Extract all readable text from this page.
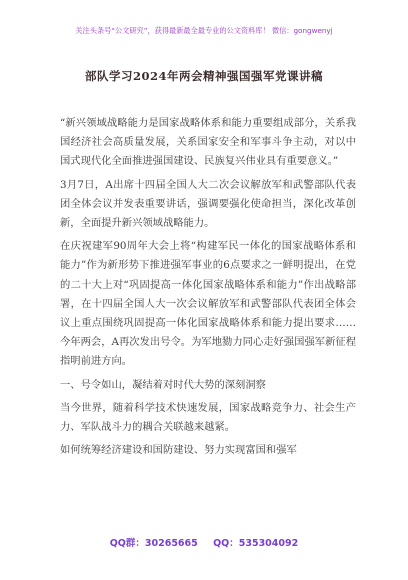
关注头条号“公文研究”，获得最新最全最专业的公文资料库！ 微信：gongwenyj
部队学习2024年两会精神强国强军党课讲稿

“新兴领域战略能力是国家战略体系和能力重要组成部分，关系我国经济社会高质量发展，关系国家安全和军事斗争主动，对以中国式现代化全面推进强国建设、民族复兴伟业具有重要意义。”

3月7日，A出席十四届全国人大二次会议解放军和武警部队代表团全体会议并发表重要讲话，强调要强化使命担当，深化改革创新，全面提升新兴领域战略能力。

在庆祝建军90周年大会上将“构建军民一体化的国家战略体系和能力”作为新形势下推进强军事业的6点要求之一鲜明提出，在党的二十大上对“巩固提高一体化国家战略体系和能力”作出战略部署，在十四届全国人大一次会议解放军和武警部队代表团全体会议上重点围绕巩固提高一体化国家战略体系和能力提出要求……今年两会，A再次发出号令。为军地勠力同心走好强国强军新征程指明前进方向。

一、号令如山，凝结着对时代大势的深刻洞察

当今世界，随着科学技术快速发展，国家战略竞争力、社会生产力、军队战斗力的耦合关联越来越紧。

如何统筹经济建设和国防建设、努力实现富国和强军

QQ群：30265665 QQ：535304092
